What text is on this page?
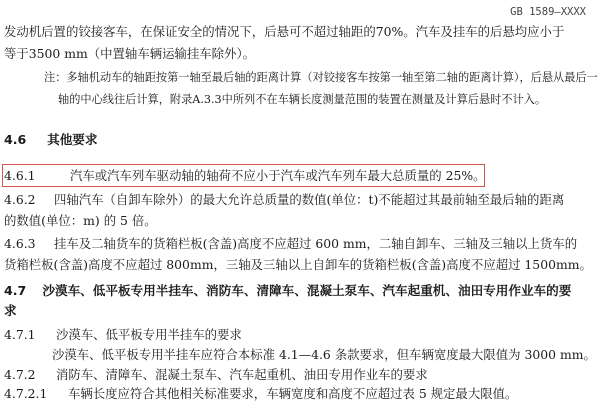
GB 1589—XXXX
发动机后置的铰接客车，在保证安全的情况下，后悬可不超过轴距的70%。汽车及挂车的后悬均应小于
等于3500 mm（中置轴车辆运输挂车除外）。
注：多轴机动车的轴距按第一轴至最后轴的距离计算（对铰接客车按第一轴至第二轴的距离计算），后悬从最后一
轴的中心线往后计算，附录A.3.3中所列不在车辆长度测量范围的装置在测量及计算后悬时不计入。
4.6 其他要求
4.6.1	汽车或汽车列车驱动轴的轴荷不应小于汽车或汽车列车最大总质量的 25%。
4.6.2 四轴汽车（自卸车除外）的最大允许总质量的数值(单位：t)不能超过其最前轴至最后轴的距离
的数值(单位：m) 的 5 倍。
4.6.3 挂车及二轴货车的货箱栏板(含盖)高度不应超过 600 mm，二轴自卸车、三轴及三轴以上货车的
货箱栏板(含盖)高度不应超过 800mm，三轴及三轴以上自卸车的货箱栏板(含盖)高度不应超过 1500mm。
4.7 沙漠车、低平板专用半挂车、消防车、清障车、混凝土泵车、汽车起重机、油田专用作业车的要
求
4.7.1 沙漠车、低平板专用半挂车的要求
沙漠车、低平板专用半挂车应符合本标准 4.1—4.6 条款要求，但车辆宽度最大限值为 3000 mm。
4.7.2 消防车、清障车、混凝土泵车、汽车起重机、油田专用作业车的要求
4.7.2.1 车辆长度应符合其他相关标准要求，车辆宽度和高度不应超过表 5 规定最大限值。
